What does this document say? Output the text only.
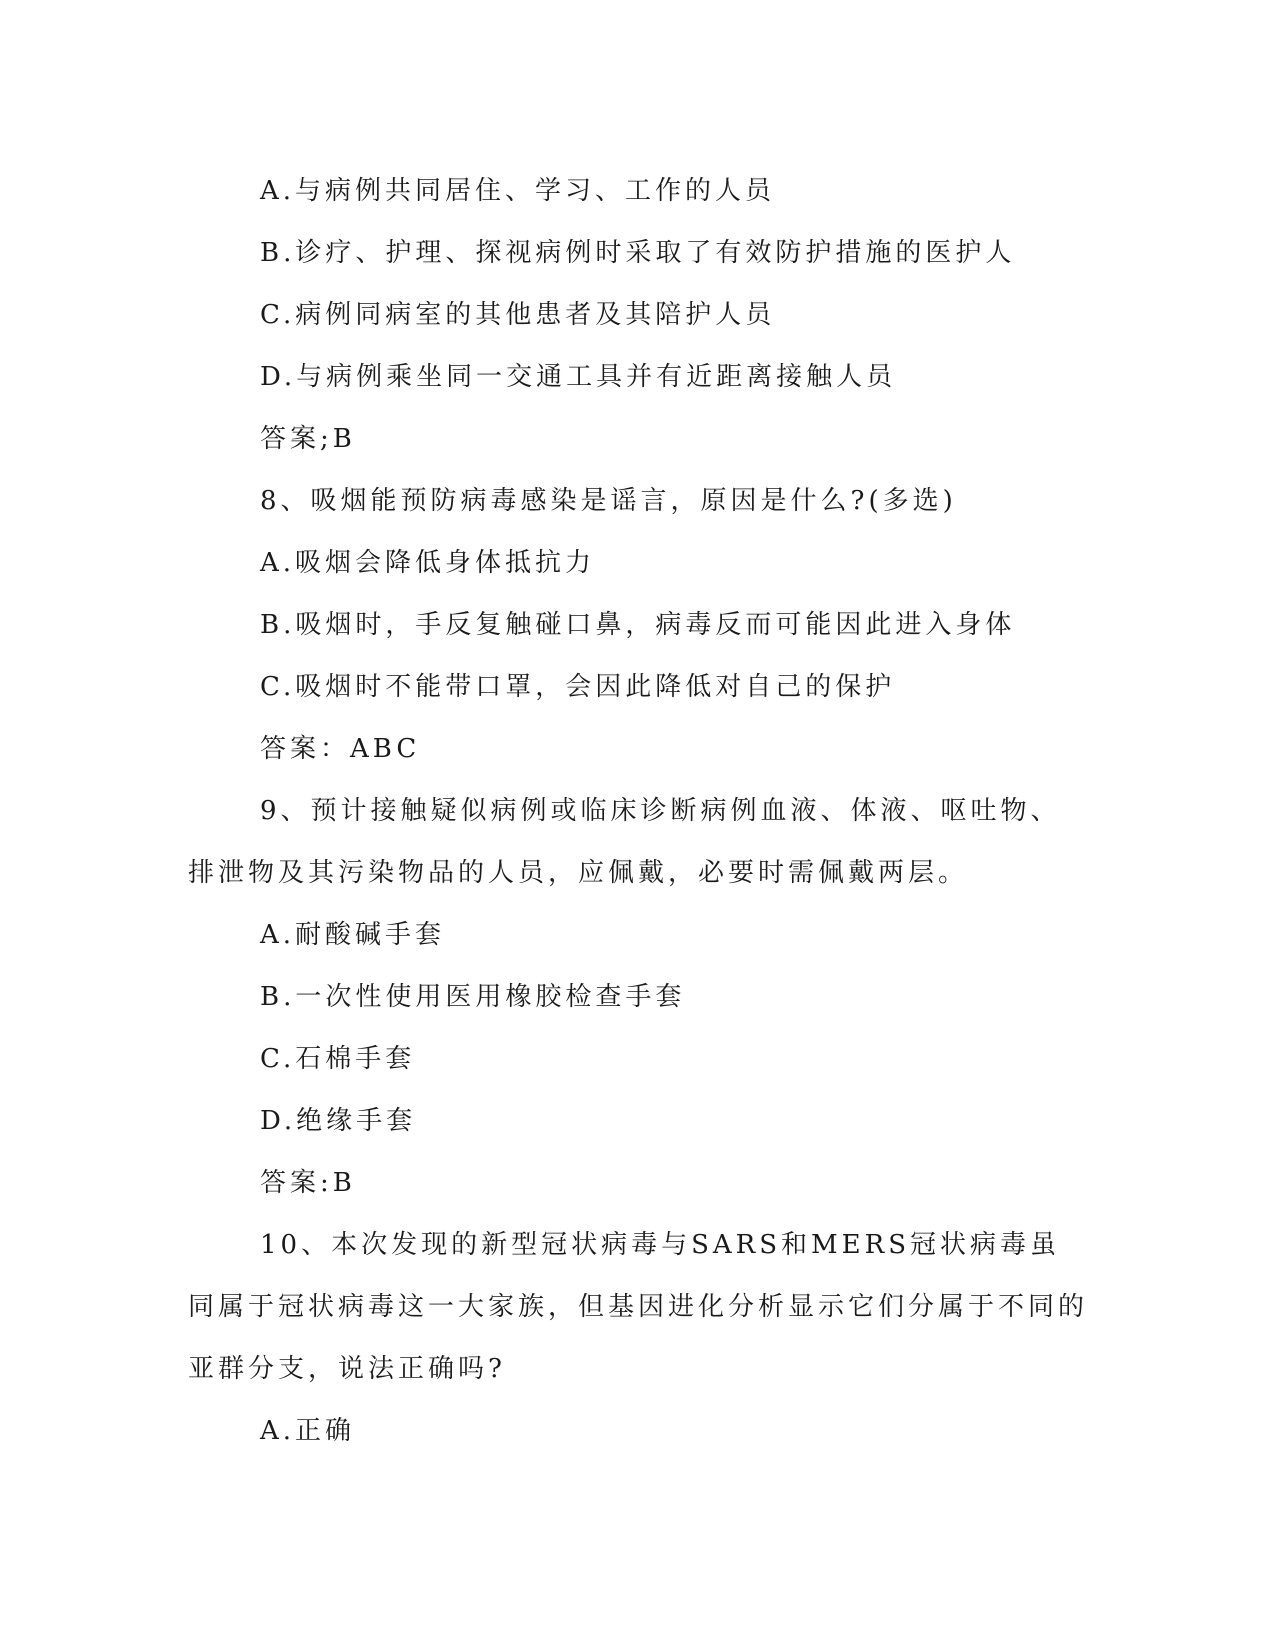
A.与病例共同居住、学习、工作的人员

B.诊疗、护理、探视病例时采取了有效防护措施的医护人

C.病例同病室的其他患者及其陪护人员

D.与病例乘坐同一交通工具并有近距离接触人员

答案;B

8、吸烟能预防病毒感染是谣言，原因是什么?(多选)

A.吸烟会降低身体抵抗力

B.吸烟时，手反复触碰口鼻，病毒反而可能因此进入身体

C.吸烟时不能带口罩，会因此降低对自己的保护

答案：ABC

9、预计接触疑似病例或临床诊断病例血液、体液、呕吐物、排泄物及其污染物品的人员，应佩戴，必要时需佩戴两层。

A.耐酸碱手套

B.一次性使用医用橡胶检查手套

C.石棉手套

D.绝缘手套

答案:B

10、本次发现的新型冠状病毒与SARS和MERS冠状病毒虽同属于冠状病毒这一大家族，但基因进化分析显示它们分属于不同的亚群分支，说法正确吗?

A.正确
